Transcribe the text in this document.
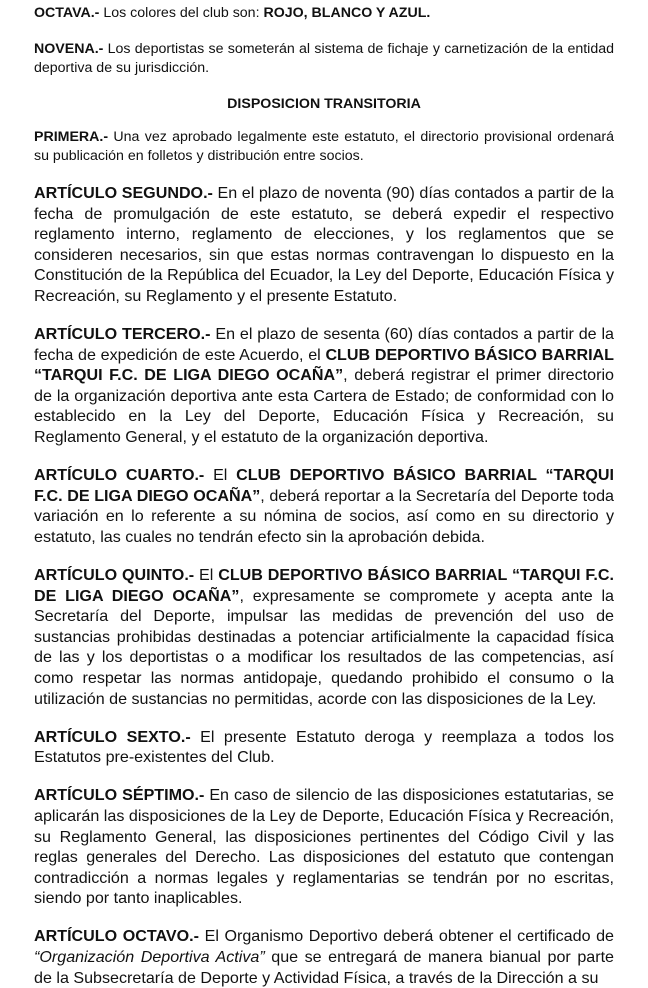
OCTAVA.- Los colores del club son: ROJO, BLANCO Y AZUL.

NOVENA.- Los deportistas se someterán al sistema de fichaje y carnetización de la entidad deportiva de su jurisdicción.

DISPOSICION TRANSITORIA

PRIMERA.- Una vez aprobado legalmente este estatuto, el directorio provisional ordenará su publicación en folletos y distribución entre socios.

ARTÍCULO SEGUNDO.- En el plazo de noventa (90) días contados a partir de la fecha de promulgación de este estatuto, se deberá expedir el respectivo reglamento interno, reglamento de elecciones, y los reglamentos que se consideren necesarios, sin que estas normas contravengan lo dispuesto en la Constitución de la República del Ecuador, la Ley del Deporte, Educación Física y Recreación, su Reglamento y el presente Estatuto.

ARTÍCULO TERCERO.- En el plazo de sesenta (60) días contados a partir de la fecha de expedición de este Acuerdo, el CLUB DEPORTIVO BÁSICO BARRIAL “TARQUI F.C. DE LIGA DIEGO OCAÑA”, deberá registrar el primer directorio de la organización deportiva ante esta Cartera de Estado; de conformidad con lo establecido en la Ley del Deporte, Educación Física y Recreación, su Reglamento General, y el estatuto de la organización deportiva.

ARTÍCULO CUARTO.- El CLUB DEPORTIVO BÁSICO BARRIAL “TARQUI F.C. DE LIGA DIEGO OCAÑA”, deberá reportar a la Secretaría del Deporte toda variación en lo referente a su nómina de socios, así como en su directorio y estatuto, las cuales no tendrán efecto sin la aprobación debida.

ARTÍCULO QUINTO.- El CLUB DEPORTIVO BÁSICO BARRIAL “TARQUI F.C. DE LIGA DIEGO OCAÑA”, expresamente se compromete y acepta ante la Secretaría del Deporte, impulsar las medidas de prevención del uso de sustancias prohibidas destinadas a potenciar artificialmente la capacidad física de las y los deportistas o a modificar los resultados de las competencias, así como respetar las normas antidopaje, quedando prohibido el consumo o la utilización de sustancias no permitidas, acorde con las disposiciones de la Ley.

ARTÍCULO SEXTO.- El presente Estatuto deroga y reemplaza a todos los Estatutos pre-existentes del Club.

ARTÍCULO SÉPTIMO.- En caso de silencio de las disposiciones estatutarias, se aplicarán las disposiciones de la Ley de Deporte, Educación Física y Recreación, su Reglamento General, las disposiciones pertinentes del Código Civil y las reglas generales del Derecho. Las disposiciones del estatuto que contengan contradicción a normas legales y reglamentarias se tendrán por no escritas, siendo por tanto inaplicables.

ARTÍCULO OCTAVO.- El Organismo Deportivo deberá obtener el certificado de “Organización Deportiva Activa” que se entregará de manera bianual por parte de la Subsecretaría de Deporte y Actividad Física, a través de la Dirección a su
